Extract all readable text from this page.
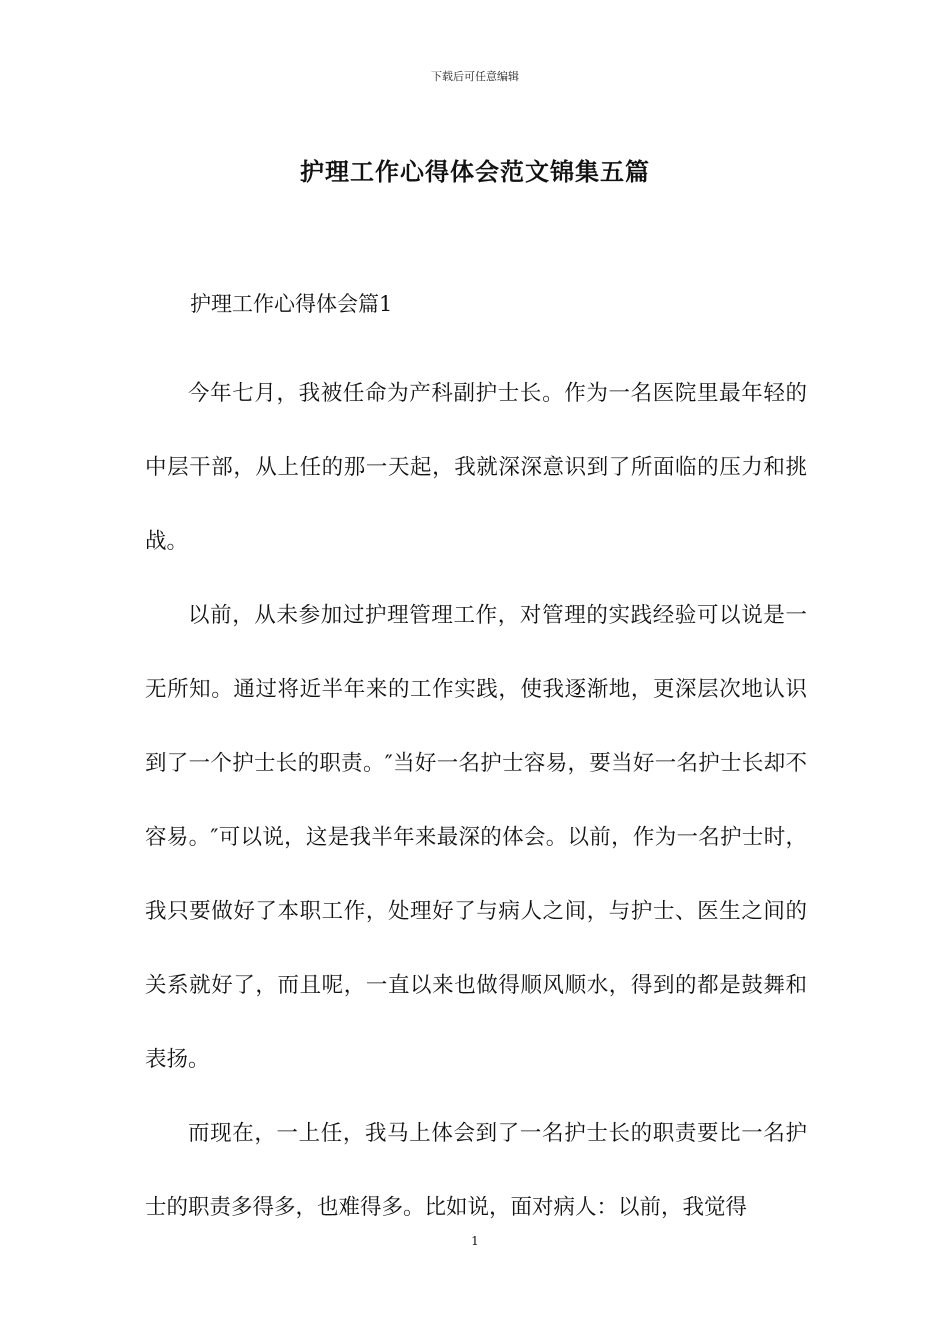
下载后可任意编辑
护理工作心得体会范文锦集五篇
护理工作心得体会篇1

今年七月，我被任命为产科副护士长。作为一名医院里最年轻的中层干部，从上任的那一天起，我就深深意识到了所面临的压力和挑战。

以前，从未参加过护理管理工作，对管理的实践经验可以说是一无所知。通过将近半年来的工作实践，使我逐渐地，更深层次地认识到了一个护士长的职责。″当好一名护士容易，要当好一名护士长却不容易。″可以说，这是我半年来最深的体会。以前，作为一名护士时，我只要做好了本职工作，处理好了与病人之间，与护士、医生之间的关系就好了，而且呢，一直以来也做得顺风顺水，得到的都是鼓舞和表扬。

而现在，一上任，我马上体会到了一名护士长的职责要比一名护士的职责多得多，也难得多。比如说，面对病人：以前，我觉得

1
